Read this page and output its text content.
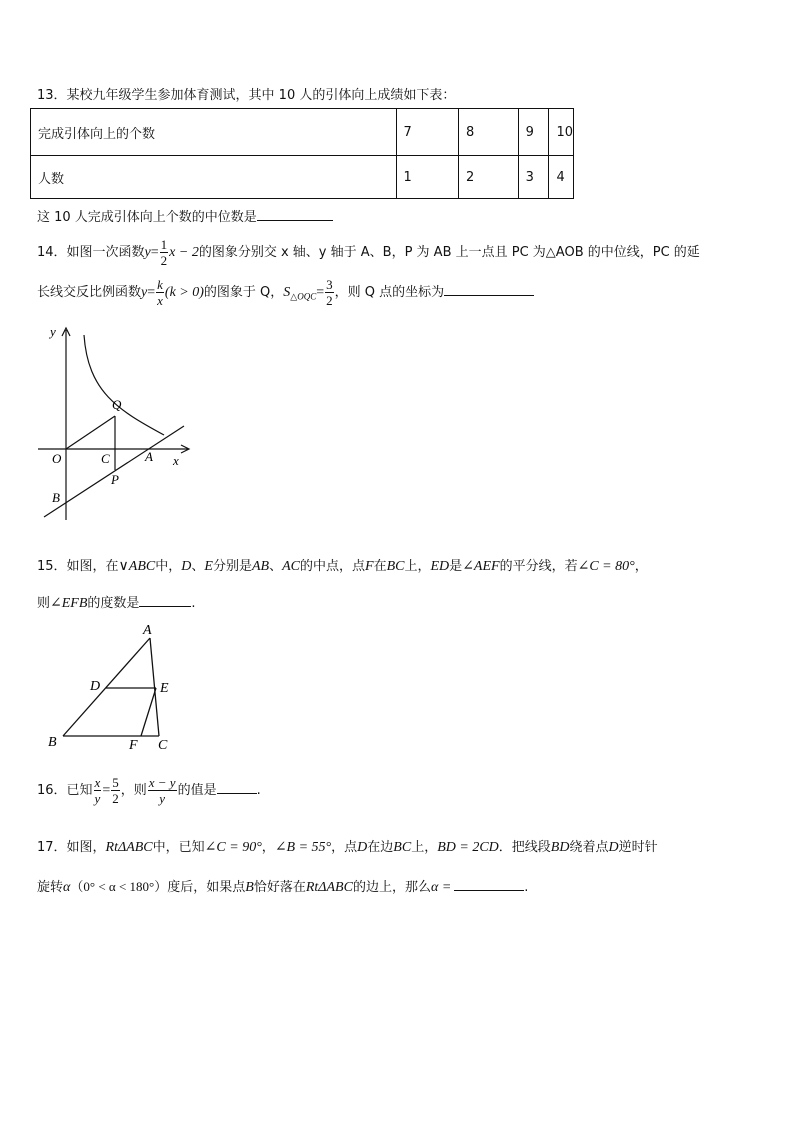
13．某校九年级学生参加体育测试，其中 10 人的引体向上成绩如下表：
完成引体向上的个数	7	8	9	10
人数	1	2	3	4
这 10 人完成引体向上个数的中位数是
14．如图一次函数$y= \frac{1}{2}$ x − 2的图象分别交 x 轴、y 轴于 A、B，P 为 AB 上一点且 PC 为△AOB 的中位线，PC 的延
长线交反比例函数$y= \frac{k}{x} (k > 0)$的图象于 Q，$S_{\triangle OQC}= \frac{3}{2}$ ，则 Q 点的坐标为
y
Q
O	C	A x
P
B
15．如图，在∨ABC中，D、E分别是AB、AC的中点，点F在BC上，ED是∠AEF的平分线，若∠C = 80°，
则∠EFB的度数是	.
A
D	E
B	F C
16．已知 $\frac{x}{y} = \frac{5}{2}$ ，则 $\frac{x - y}{y}$ 的值是	.
17．如图，RtΔABC中，已知∠C = 90°，∠B = 55°，点D在边BC上，BD = 2CD．把线段BD绕着点D逆时针
旋转α（0° < α < 180°）度后，如果点B恰好落在RtΔABC的边上，那么α =	.
